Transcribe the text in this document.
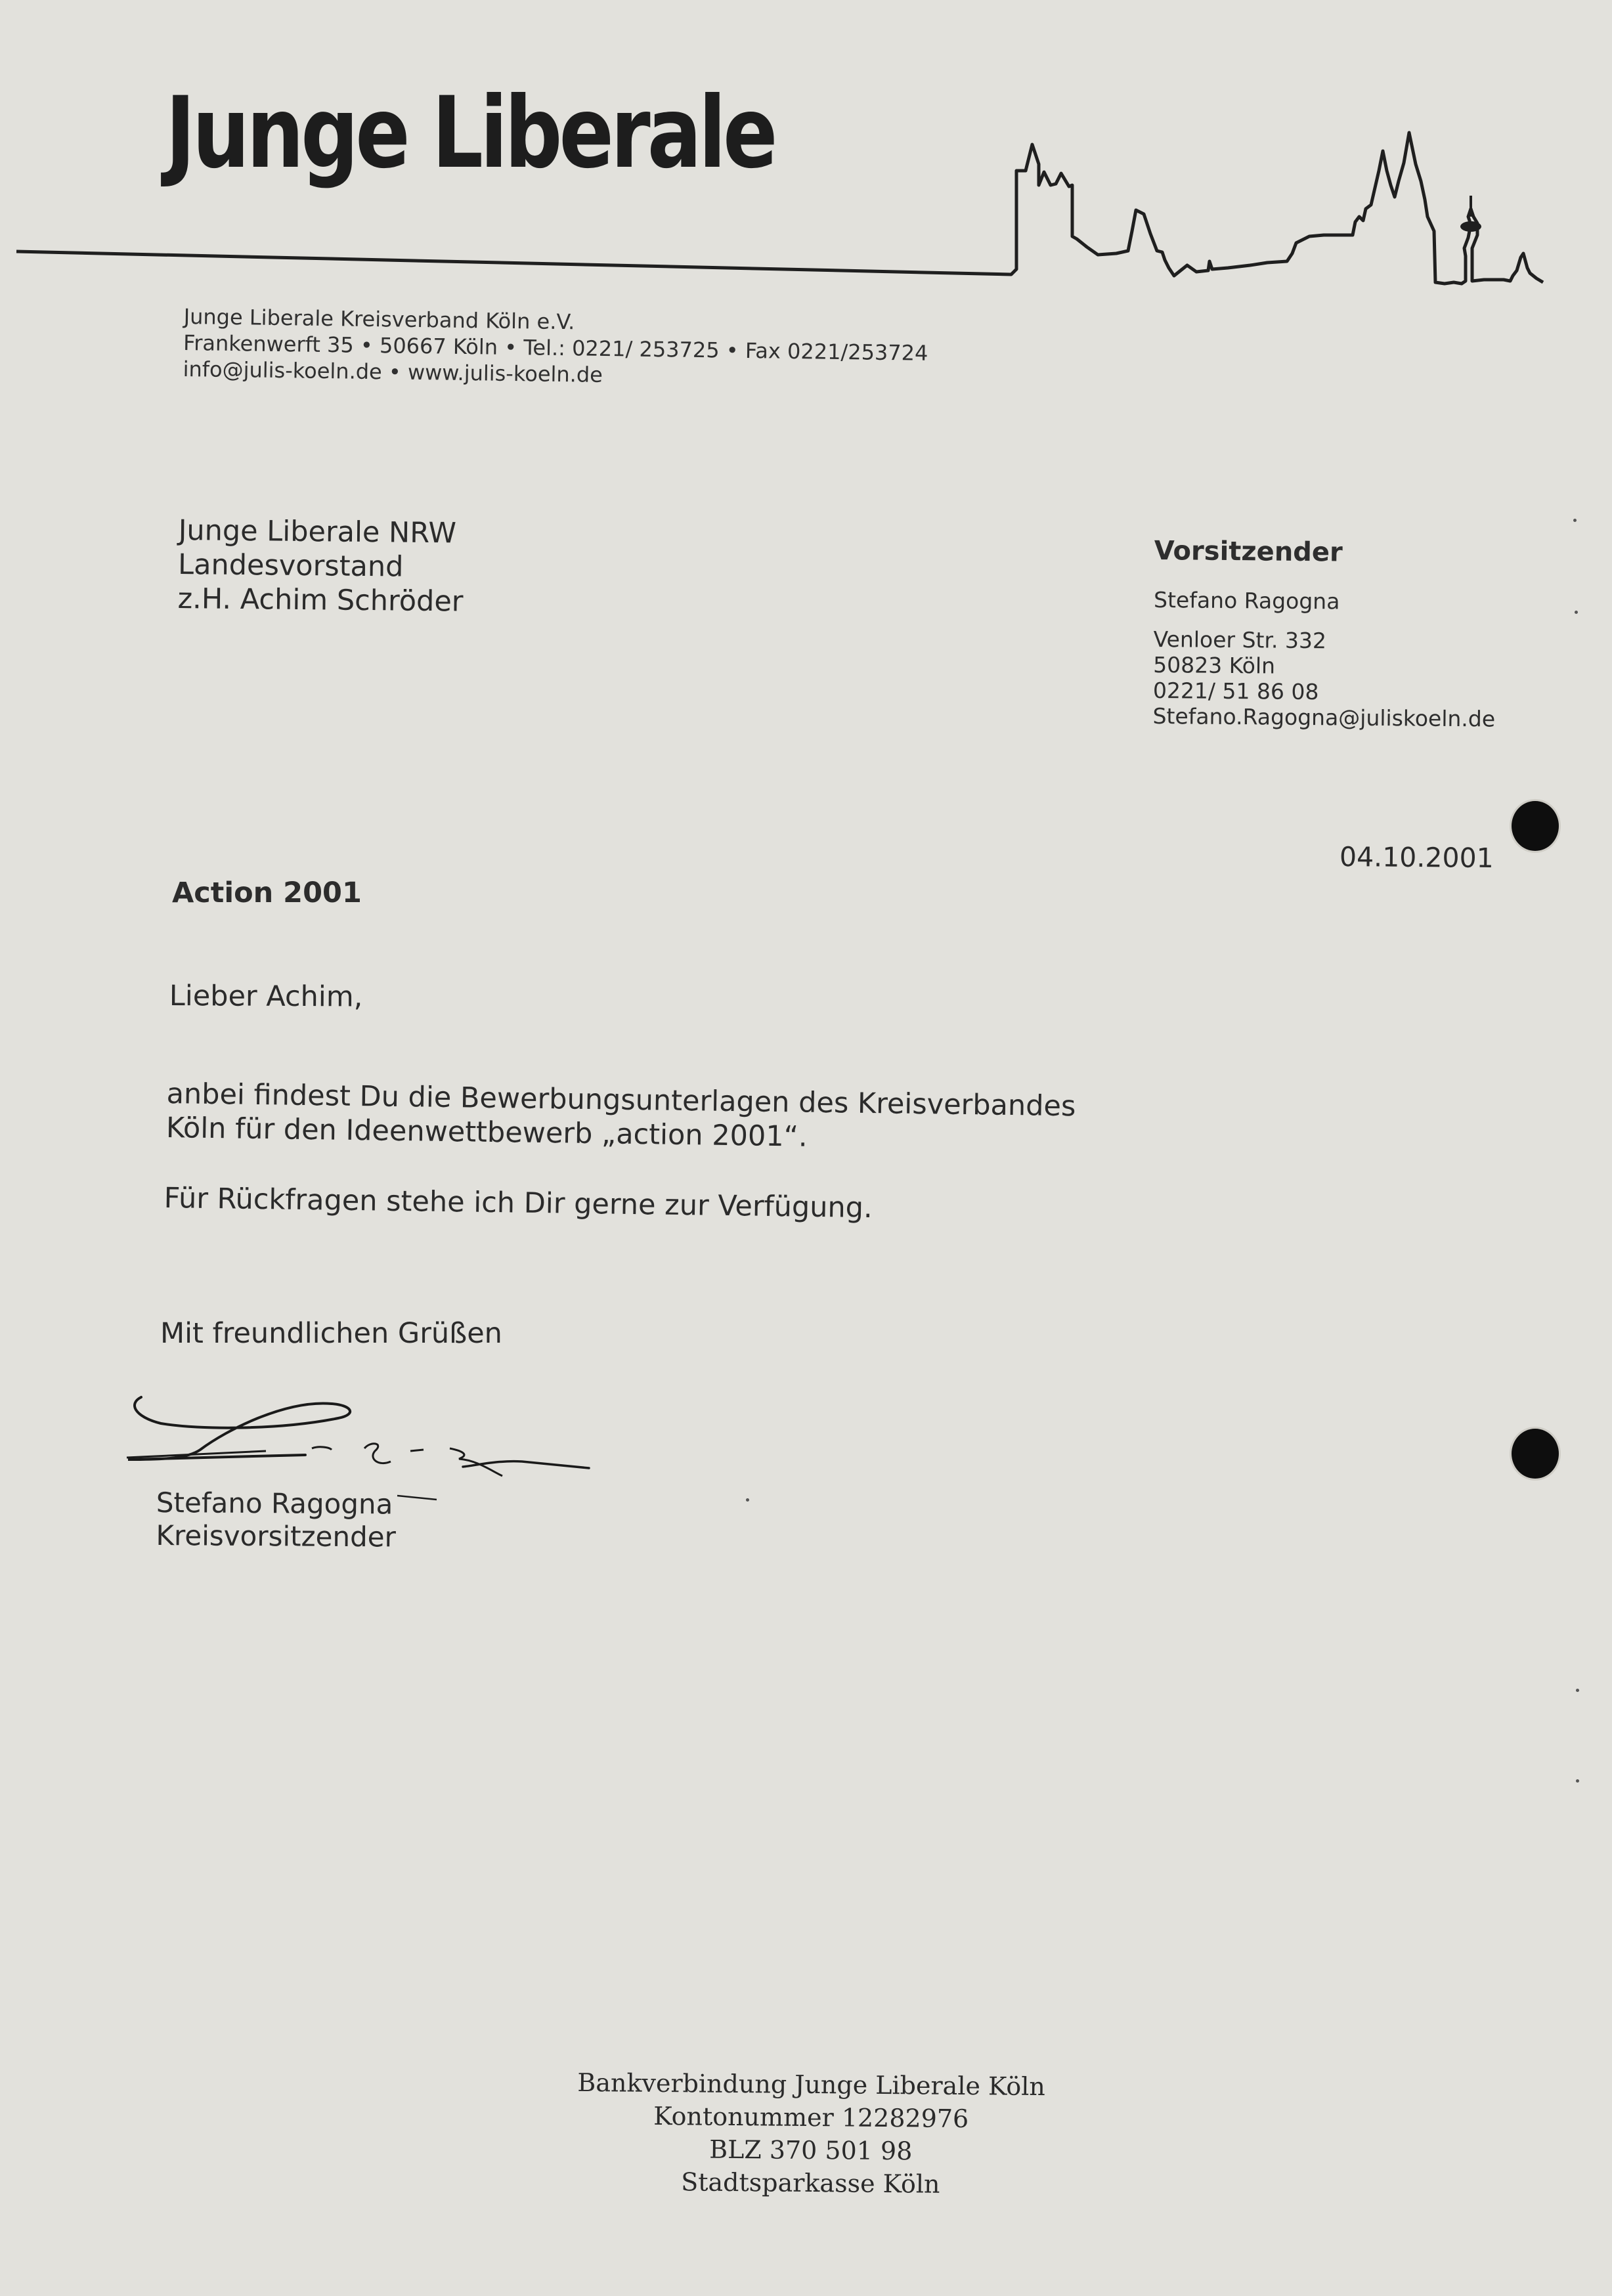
Junge Liberale
Junge Liberale Kreisverband Köln e.V.
Frankenwerft 35 • 50667 Köln • Tel.: 0221/ 253725 • Fax 0221/253724
info@julis-koeln.de • www.julis-koeln.de
Junge Liberale NRW
Landesvorstand
z.H. Achim Schröder
Vorsitzender
Stefano Ragogna
Venloer Str. 332
50823 Köln
0221/ 51 86 08
Stefano.Ragogna@juliskoeln.de
04.10.2001
Action 2001
Lieber Achim,
anbei findest Du die Bewerbungsunterlagen des Kreisverbandes
Köln für den Ideenwettbewerb „action 2001“.
Für Rückfragen stehe ich Dir gerne zur Verfügung.
Mit freundlichen Grüßen
Stefano Ragogna
Kreisvorsitzender
Bankverbindung Junge Liberale Köln
Kontonummer 12282976
BLZ 370 501 98
Stadtsparkasse Köln
